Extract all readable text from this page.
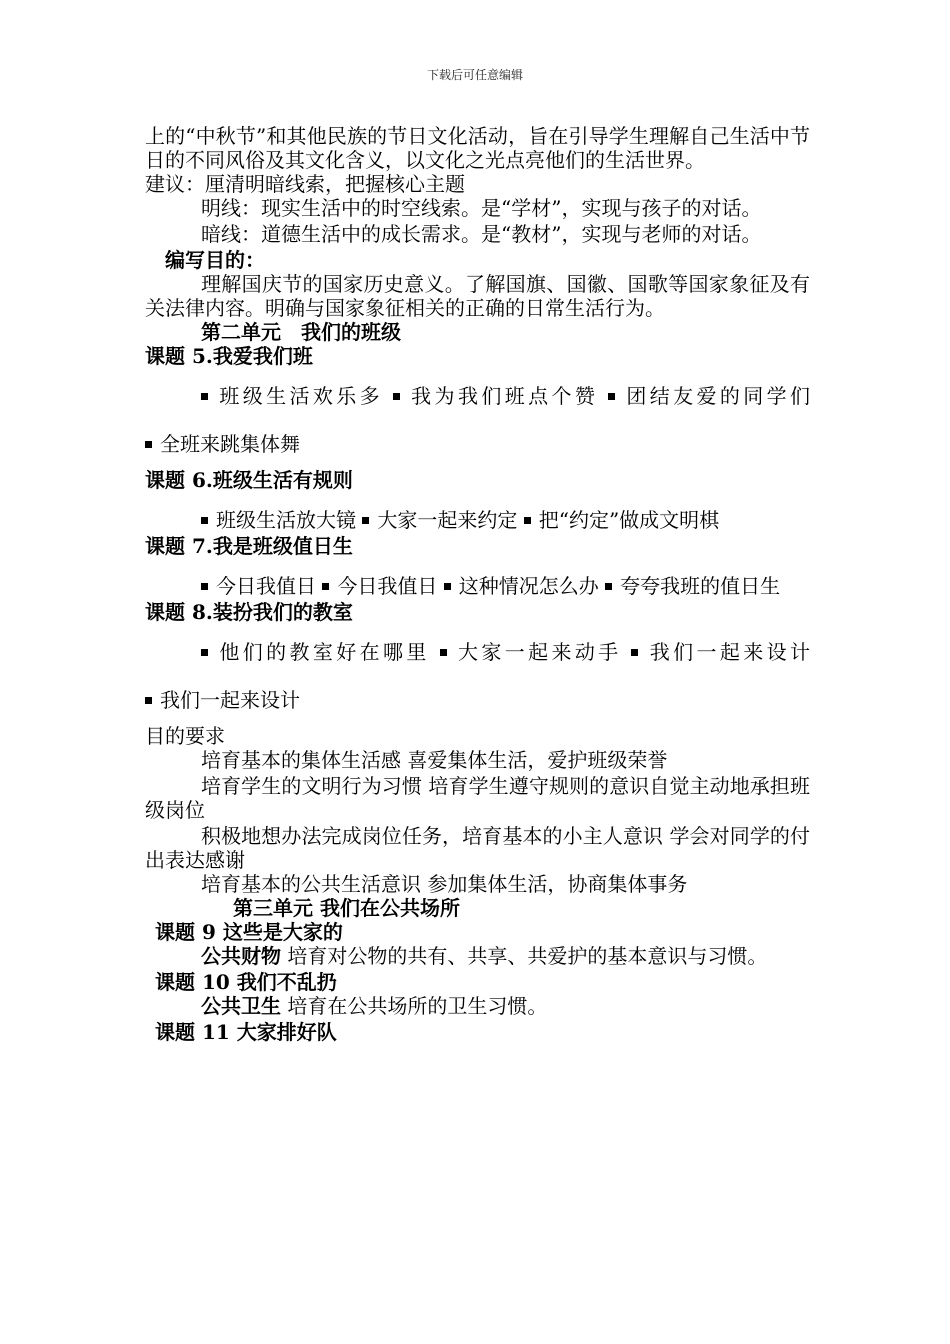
下载后可任意编辑

上的“中秋节”和其他民族的节日文化活动，旨在引导学生理解自己生活中节日的不同风俗及其文化含义，以文化之光点亮他们的生活世界。

建议：厘清明暗线索，把握核心主题

明线：现实生活中的时空线索。是“学材”，实现与孩子的对话。

暗线：道德生活中的成长需求。是“教材”，实现与老师的对话。

编写目的：

理解国庆节的国家历史意义。了解国旗、国徽、国歌等国家象征及有关法律内容。明确与国家象征相关的正确的日常生活行为。

第二单元　我们的班级

课题 5.我爱我们班

班级生活欢乐多 我为我们班点个赞 团结友爱的同学们

全班来跳集体舞

课题 6.班级生活有规则

班级生活放大镜 大家一起来约定 把“约定”做成文明棋

课题 7.我是班级值日生

今日我值日 今日我值日 这种情况怎么办 夸夸我班的值日生

课题 8.装扮我们的教室

他们的教室好在哪里 大家一起来动手 我们一起来设计

我们一起来设计

目的要求

培育基本的集体生活感 喜爱集体生活，爱护班级荣誉

培育学生的文明行为习惯 培育学生遵守规则的意识自觉主动地承担班级岗位

积极地想办法完成岗位任务，培育基本的小主人意识 学会对同学的付出表达感谢

培育基本的公共生活意识 参加集体生活，协商集体事务

第三单元 我们在公共场所

课题 9 这些是大家的

公共财物 培育对公物的共有、共享、共爱护的基本意识与习惯。

课题 10 我们不乱扔

公共卫生 培育在公共场所的卫生习惯。

课题 11 大家排好队
